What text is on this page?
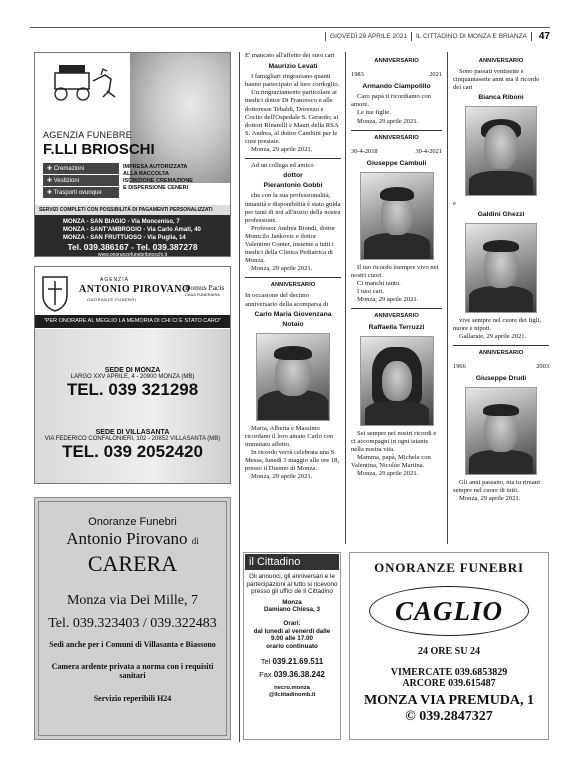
GIOVEDÌ 29 APRILE 2021 IL CITTADINO DI MONZA E BRIANZA 47
AGENZIA FUNEBRE
F.LLI BRIOSCHI
✚ Cremazioni
✚ Vestizioni
✚ Trasporti ovunque
IMPRESA AUTORIZZATA
ALLA RACCOLTA
ISCRIZIONE CREMAZIONE
E DISPERSIONE CENERI
SERVIZI COMPLETI CON POSSIBILITÀ DI PAGAMENTI PERSONALIZZATI
MONZA - SAN BIAGIO - Via Monceniso, 7
MONZA - SANT'AMBROGIO - Via Carlo Amati, 40
MONZA - SAN FRUTTUOSO - Via Puglia, 14
Tel. 039.386167 - Tel. 039.387278
www.onoranzefunebribrioschi.it
AGENZIA
ANTONIO PIROVANO
ONORANZE FUNEBRI
Domus Pacis
CASA FUNERARIA
"PER ONORARE AL MEGLIO LA MEMORIA DI CHI CI È STATO CARO"
SEDE DI MONZA
LARGO XXV APRILE, 4 - 20900 MONZA (MB)
TEL. 039 321298
SEDE DI VILLASANTA
VIA FEDERICO CONFALONIERI, 102 - 20852 VILLASANTA (MB)
TEL. 039 2052420
Onoranze Funebri
Antonio Pirovano di
CARERA
Monza via Dei Mille, 7
Tel. 039.323403 / 039.322483
Sedi anche per i Comuni di Villasanta e Biassono
Camera ardente privata a norma con i requisiti sanitari
Servizio reperibili H24

E' mancato all'affetto dei suoi cari

Maurizio Levati

I famigliari ringraziano quanti hanno partecipato al loro cordoglio.

Un ringraziamento particolare ai medici dottor Di Francesco e alle dottoresse Tebaldi, Dorenzo e Cocito dell'Ospedale S. Gerardo; ai dottori Rinarelli e Mauri della RSA S. Andrea, al dottor Cambini per le cure prestate.

Monza, 29 aprile 2021.

Ad un collega ed amico

dottor
Pierantonio Gobbi

che con la sua professionalità, umanità e disponibilità è stato guida per tanti di noi all'inizio della nostra professione.

Professor Andrea Biondi, dottor Momcilo Jankovic e dottor Valentino Conter, insieme a tutti i medici della Clinica Pediatrica di Monza.

Monza, 29 aprile 2021.

ANNIVERSARIO

In occasione del decimo anniversario della scomparsa di

Carlo Maria Giovenzana
Notaio

Maria, Alberta e Massimo ricordano il loro amato Carlo con immutato affetto.

In ricordo verrà celebrata una S. Messa, lunedì 3 maggio alle ore 18, presso il Duomo di Monza.

Monza, 29 aprile 2021.

il Cittadino
Gli annunci, gli anniversari e le partecipazioni al lutto si ricevono presso gli uffici de Il Cittadino
Monza
Damiano Chiesa, 3
Orari:
dal lunedì al venerdì dalle
9.00 alle 17.00
orario continuato
Tel 039.21.69.511
Fax 039.36.38.242
necro.monza
@ilcittadinomb.it
ANNIVERSARIO
1983	2021
Armando Ciampolillo

Caro papà ti ricordiamo con amore.

Le tue figlie.

Monza, 29 aprile 2021.

ANNIVERSARIO
30-4-2018	30-4-2021
Giuseppe Cambuli

Il tuo ricordo èsempre vivo nei nostri cuori.

Ci manchi tanto.

I tuoi cari.

Monza, 29 aprile 2021.

ANNIVERSARIO
Raffaella Terruzzi

Sei sempre nei nostri ricordi e ci accompagni in ogni istante nella nostra vita.

Mamma, papà, Michele con Valentina, Nicolòe Martina.

Monza, 29 aprile 2021.

ANNIVERSARIO

Sono passati ventisette e cinquantasette anni ma il ricordo dei cari

Bianca Riboni

e

Galdini Ghezzi

vive sempre nel cuore dei figli, nuore e nipoti.

Gallarate, 29 aprile 2021.

ANNIVERSARIO
1966	2003
Giuseppe Drudi

Gli anni passano, ma tu rimani sempre nel cuore di tutti.

Monza, 29 aprile 2021.

ONORANZE FUNEBRI
CAGLIO
24 ORE SU 24
VIMERCATE 039.6853829
ARCORE 039.615487
MONZA VIA PREMUDA, 1
© 039.2847327
